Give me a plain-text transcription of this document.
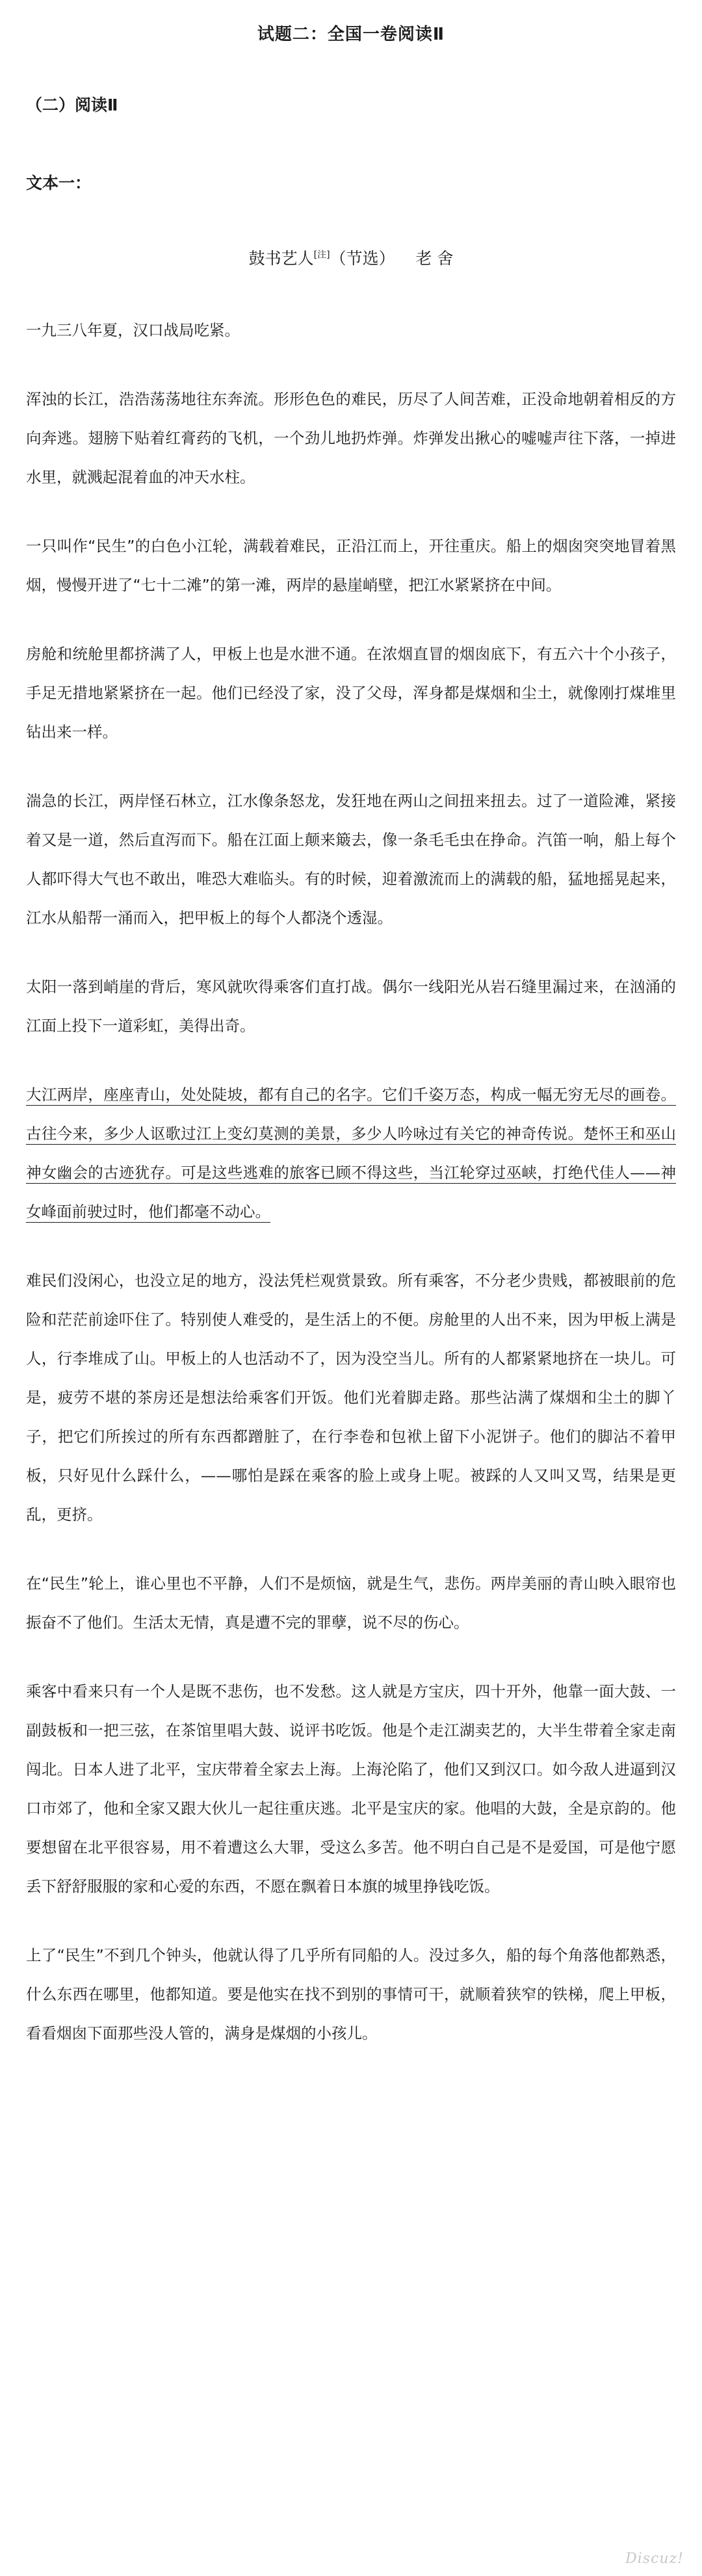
试题二：全国一卷阅读Ⅱ
（二）阅读Ⅱ
文本一：
鼓书艺人[注]（节选） 老 舍

一九三八年夏，汉口战局吃紧。

浑浊的长江，浩浩荡荡地往东奔流。形形色色的难民，历尽了人间苦难，正没命地朝着相反的方向奔逃。翅膀下贴着红膏药的飞机，一个劲儿地扔炸弹。炸弹发出揪心的嘘嘘声往下落，一掉进水里，就溅起混着血的冲天水柱。

一只叫作“民生”的白色小江轮，满载着难民，正沿江而上，开往重庆。船上的烟囱突突地冒着黑烟，慢慢开进了“七十二滩”的第一滩，两岸的悬崖峭壁，把江水紧紧挤在中间。

房舱和统舱里都挤满了人，甲板上也是水泄不通。在浓烟直冒的烟囱底下，有五六十个小孩子，手足无措地紧紧挤在一起。他们已经没了家，没了父母，浑身都是煤烟和尘土，就像刚打煤堆里钻出来一样。

湍急的长江，两岸怪石林立，江水像条怒龙，发狂地在两山之间扭来扭去。过了一道险滩，紧接着又是一道，然后直泻而下。船在江面上颠来簸去，像一条毛毛虫在挣命。汽笛一响，船上每个人都吓得大气也不敢出，唯恐大难临头。有的时候，迎着激流而上的满载的船，猛地摇晃起来，江水从船帮一涌而入，把甲板上的每个人都浇个透湿。

太阳一落到峭崖的背后，寒风就吹得乘客们直打战。偶尔一线阳光从岩石缝里漏过来，在汹涌的江面上投下一道彩虹，美得出奇。

大江两岸，座座青山，处处陡坡，都有自己的名字。它们千姿万态，构成一幅无穷无尽的画卷。古往今来，多少人讴歌过江上变幻莫测的美景，多少人吟咏过有关它的神奇传说。楚怀王和巫山神女幽会的古迹犹存。可是这些逃难的旅客已顾不得这些，当江轮穿过巫峡，打绝代佳人——神女峰面前驶过时，他们都毫不动心。

难民们没闲心，也没立足的地方，没法凭栏观赏景致。所有乘客，不分老少贵贱，都被眼前的危险和茫茫前途吓住了。特别使人难受的，是生活上的不便。房舱里的人出不来，因为甲板上满是人，行李堆成了山。甲板上的人也活动不了，因为没空当儿。所有的人都紧紧地挤在一块儿。可是，疲劳不堪的茶房还是想法给乘客们开饭。他们光着脚走路。那些沾满了煤烟和尘土的脚丫子，把它们所挨过的所有东西都蹭脏了，在行李卷和包袱上留下小泥饼子。他们的脚沾不着甲板，只好见什么踩什么，——哪怕是踩在乘客的脸上或身上呢。被踩的人又叫又骂，结果是更乱，更挤。

在“民生”轮上，谁心里也不平静，人们不是烦恼，就是生气，悲伤。两岸美丽的青山映入眼帘也振奋不了他们。生活太无情，真是遭不完的罪孽，说不尽的伤心。

乘客中看来只有一个人是既不悲伤，也不发愁。这人就是方宝庆，四十开外，他靠一面大鼓、一副鼓板和一把三弦，在茶馆里唱大鼓、说评书吃饭。他是个走江湖卖艺的，大半生带着全家走南闯北。日本人进了北平，宝庆带着全家去上海。上海沦陷了，他们又到汉口。如今敌人进逼到汉口市郊了，他和全家又跟大伙儿一起往重庆逃。北平是宝庆的家。他唱的大鼓，全是京韵的。他要想留在北平很容易，用不着遭这么大罪，受这么多苦。他不明白自己是不是爱国，可是他宁愿丢下舒舒服服的家和心爱的东西，不愿在飘着日本旗的城里挣钱吃饭。

上了“民生”不到几个钟头，他就认得了几乎所有同船的人。没过多久，船的每个角落他都熟悉，什么东西在哪里，他都知道。要是他实在找不到别的事情可干，就顺着狭窄的铁梯，爬上甲板，看看烟囱下面那些没人管的，满身是煤烟的小孩儿。

Discuz!
